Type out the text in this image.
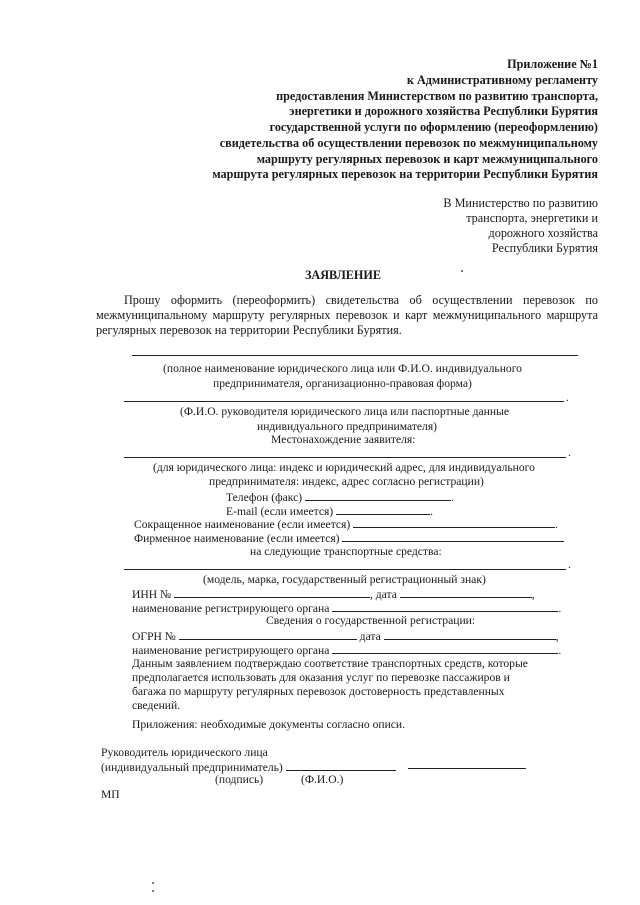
Приложение №1
к Административному регламенту
предоставления Министерством по развитию транспорта,
энергетики и дорожного хозяйства Республики Бурятия
государственной услуги по оформлению (переоформлению)
свидетельства об осуществлении перевозок по межмуниципальному
маршруту регулярных перевозок и карт межмуниципального
маршрута регулярных перевозок на территории Республики Бурятия
В Министерство по развитию
транспорта, энергетики и
дорожного хозяйства
Республики Бурятия
ЗАЯВЛЕНИЕ
Прошу оформить (переоформить) свидетельства об осуществлении перевозок по
межмуниципальному маршруту регулярных перевозок и карт межмуниципального маршрута
регулярных перевозок на территории Республики Бурятия.
(полное наименование юридического лица или Ф.И.О. индивидуального
предпринимателя, организационно-правовая форма)
.
(Ф.И.О. руководителя юридического лица или паспортные данные
индивидуального предпринимателя)
Местонахождение заявителя:
.
(для юридического лица: индекс и юридический адрес, для индивидуального
предпринимателя: индекс, адрес согласно регистрации)
Телефон (факс)	.
E-mail (если имеется)	.
Сокращенное наименование (если имеется)	.
Фирменное наименование (если имеется)
на следующие транспортные средства:
.
(модель, марка, государственный регистрационный знак)
ИНН №	, дата	,
наименование регистрирующего органа	.
Сведения о государственной регистрации:
ОГРН №	дата	,
наименование регистрирующего органа	.
Данным заявлением подтверждаю соответствие транспортных средств, которые
предполагается использовать для оказания услуг по перевозке пассажиров и
багажа по маршруту регулярных перевозок достоверность представленных
сведений.
Приложения: необходимые документы согласно описи.
Руководитель юридического лица
(индивидуальный предприниматель)
(подпись)	(Ф.И.О.)
МП
